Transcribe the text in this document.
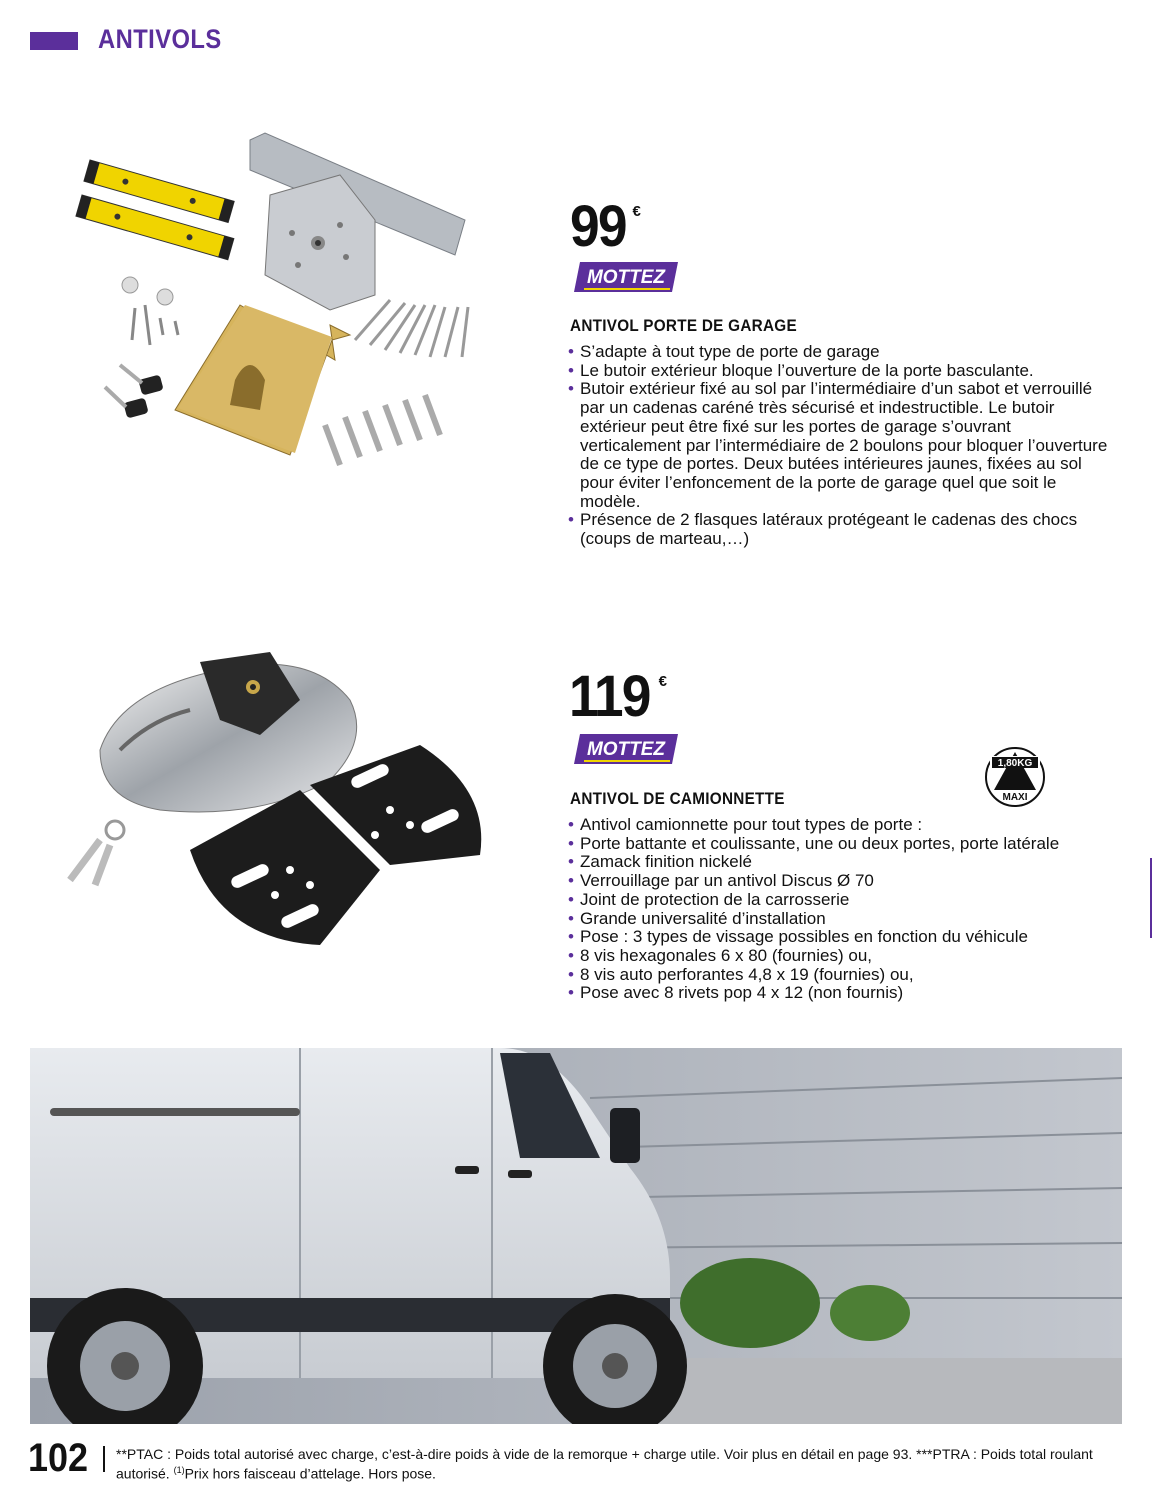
ANTIVOLS
99 €
MOTTEZ
ANTIVOL PORTE DE GARAGE
• S’adapte à tout type de porte de garage
• Le butoir extérieur bloque l’ouverture de la porte basculante.
• Butoir extérieur fixé au sol par l’intermédiaire d’un sabot et verrouillé par un cadenas caréné très sécurisé et indestructible. Le butoir extérieur peut être fixé sur les portes de garage s’ouvrant verticalement par l’intermédiaire de 2 boulons pour bloquer l’ouverture de ce type de portes. Deux butées intérieures jaunes, fixées au sol pour éviter l’enfoncement de la porte de garage quel que soit le modèle.
• Présence de 2 flasques latéraux protégeant le cadenas des chocs (coups de marteau,…)
119 €
MOTTEZ
1,80KG
MAXI
ANTIVOL DE CAMIONNETTE
• Antivol camionnette pour tout types de porte :
• Porte battante et coulissante, une ou deux portes, porte latérale
• Zamack finition nickelé
• Verrouillage par un antivol Discus Ø 70
• Joint de protection de la carrosserie
• Grande universalité d’installation
• Pose : 3 types de vissage possibles en fonction du véhicule
• 8 vis hexagonales 6 x 80 (fournies) ou,
• 8 vis auto perforantes 4,8 x 19 (fournies) ou,
• Pose avec 8 rivets pop 4 x 12 (non fournis)
102 **PTAC : Poids total autorisé avec charge, c’est-à-dire poids à vide de la remorque + charge utile. Voir plus en détail en page 93. ***PTRA : Poids total roulant autorisé. $^{(1)}$Prix hors faisceau d’attelage. Hors pose.
